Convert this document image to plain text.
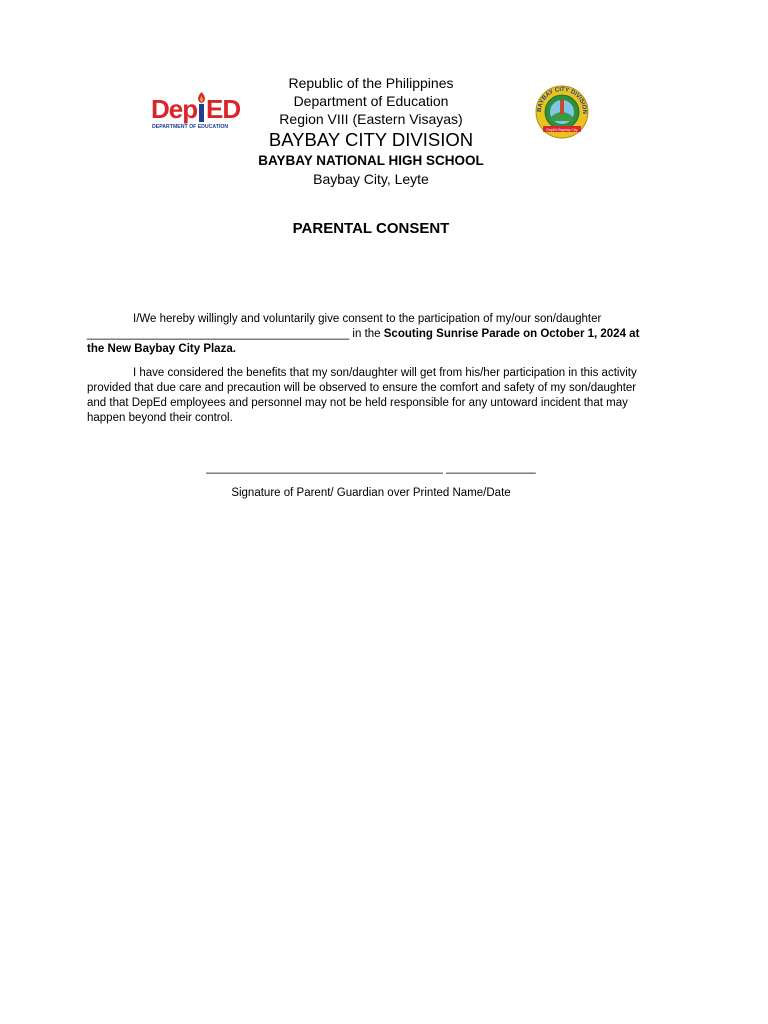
Dep ED
DEPARTMENT OF EDUCATION
Republic of the Philippines
Department of Education
Region VIII (Eastern Visayas)
BAYBAY CITY DIVISION
BAYBAY NATIONAL HIGH SCHOOL
Baybay City, Leyte
BAYBAY CITY DIVISION
DepEd Baybay City
PARENTAL CONSENT
I/We hereby willingly and voluntarily give consent to the participation of my/our son/daughter
_________________________________________ in the Scouting Sunrise Parade on October 1, 2024 at the New Baybay City Plaza.
I have considered the benefits that my son/daughter will get from his/her participation in this activity provided that due care and precaution will be observed to ensure the comfort and safety of my son/daughter and that DepEd employees and personnel may not be held responsible for any untoward incident that may happen beyond their control.
_____________________________________ ______________
Signature of Parent/ Guardian over Printed Name/Date
